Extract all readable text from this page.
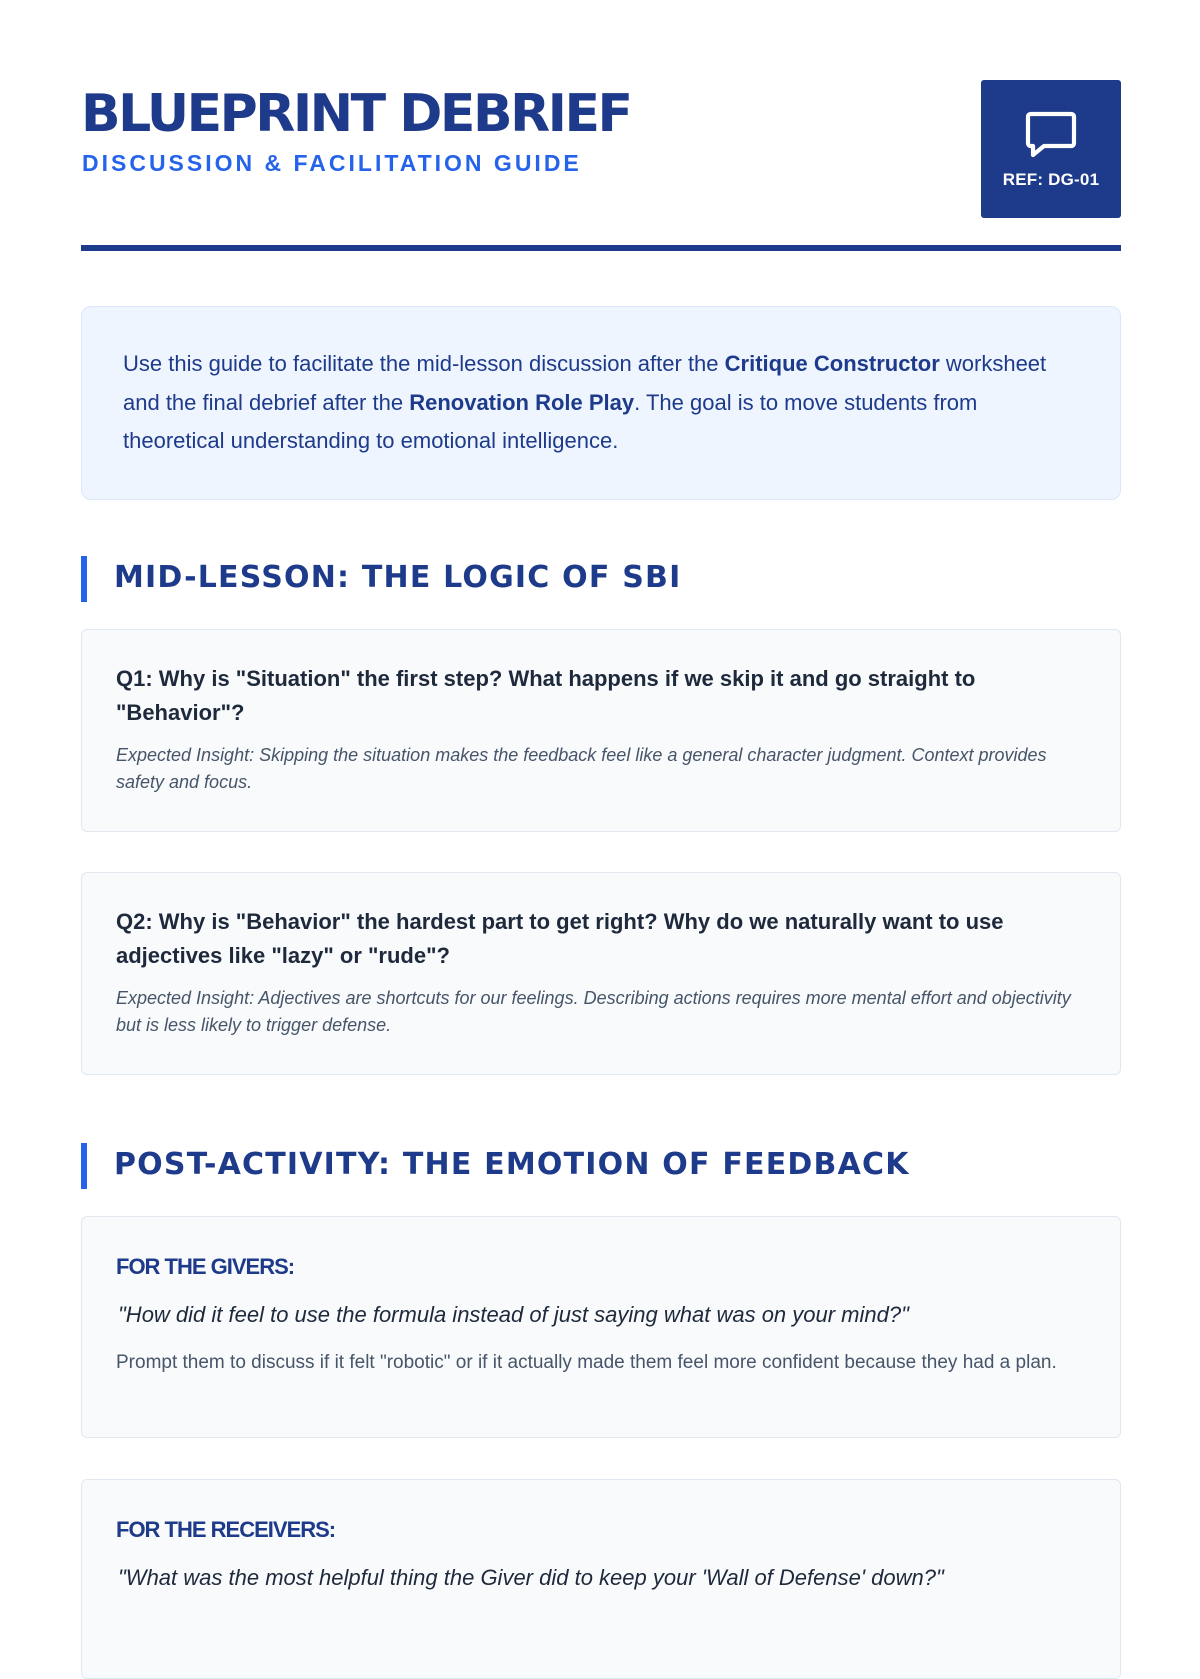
BLUEPRINT DEBRIEF
DISCUSSION & FACILITATION GUIDE
REF: DG-01
Use this guide to facilitate the mid-lesson discussion after the Critique Constructor worksheet and the final debrief after the Renovation Role Play. The goal is to move students from theoretical understanding to emotional intelligence.
MID-LESSON: THE LOGIC OF SBI

Q1: Why is "Situation" the first step? What happens if we skip it and go straight to "Behavior"?

Expected Insight: Skipping the situation makes the feedback feel like a general character judgment. Context provides safety and focus.

Q2: Why is "Behavior" the hardest part to get right? Why do we naturally want to use adjectives like "lazy" or "rude"?

Expected Insight: Adjectives are shortcuts for our feelings. Describing actions requires more mental effort and objectivity but is less likely to trigger defense.

POST-ACTIVITY: THE EMOTION OF FEEDBACK

FOR THE GIVERS:

"How did it feel to use the formula instead of just saying what was on your mind?"

Prompt them to discuss if it felt "robotic" or if it actually made them feel more confident because they had a plan.

FOR THE RECEIVERS:

"What was the most helpful thing the Giver did to keep your 'Wall of Defense' down?"
